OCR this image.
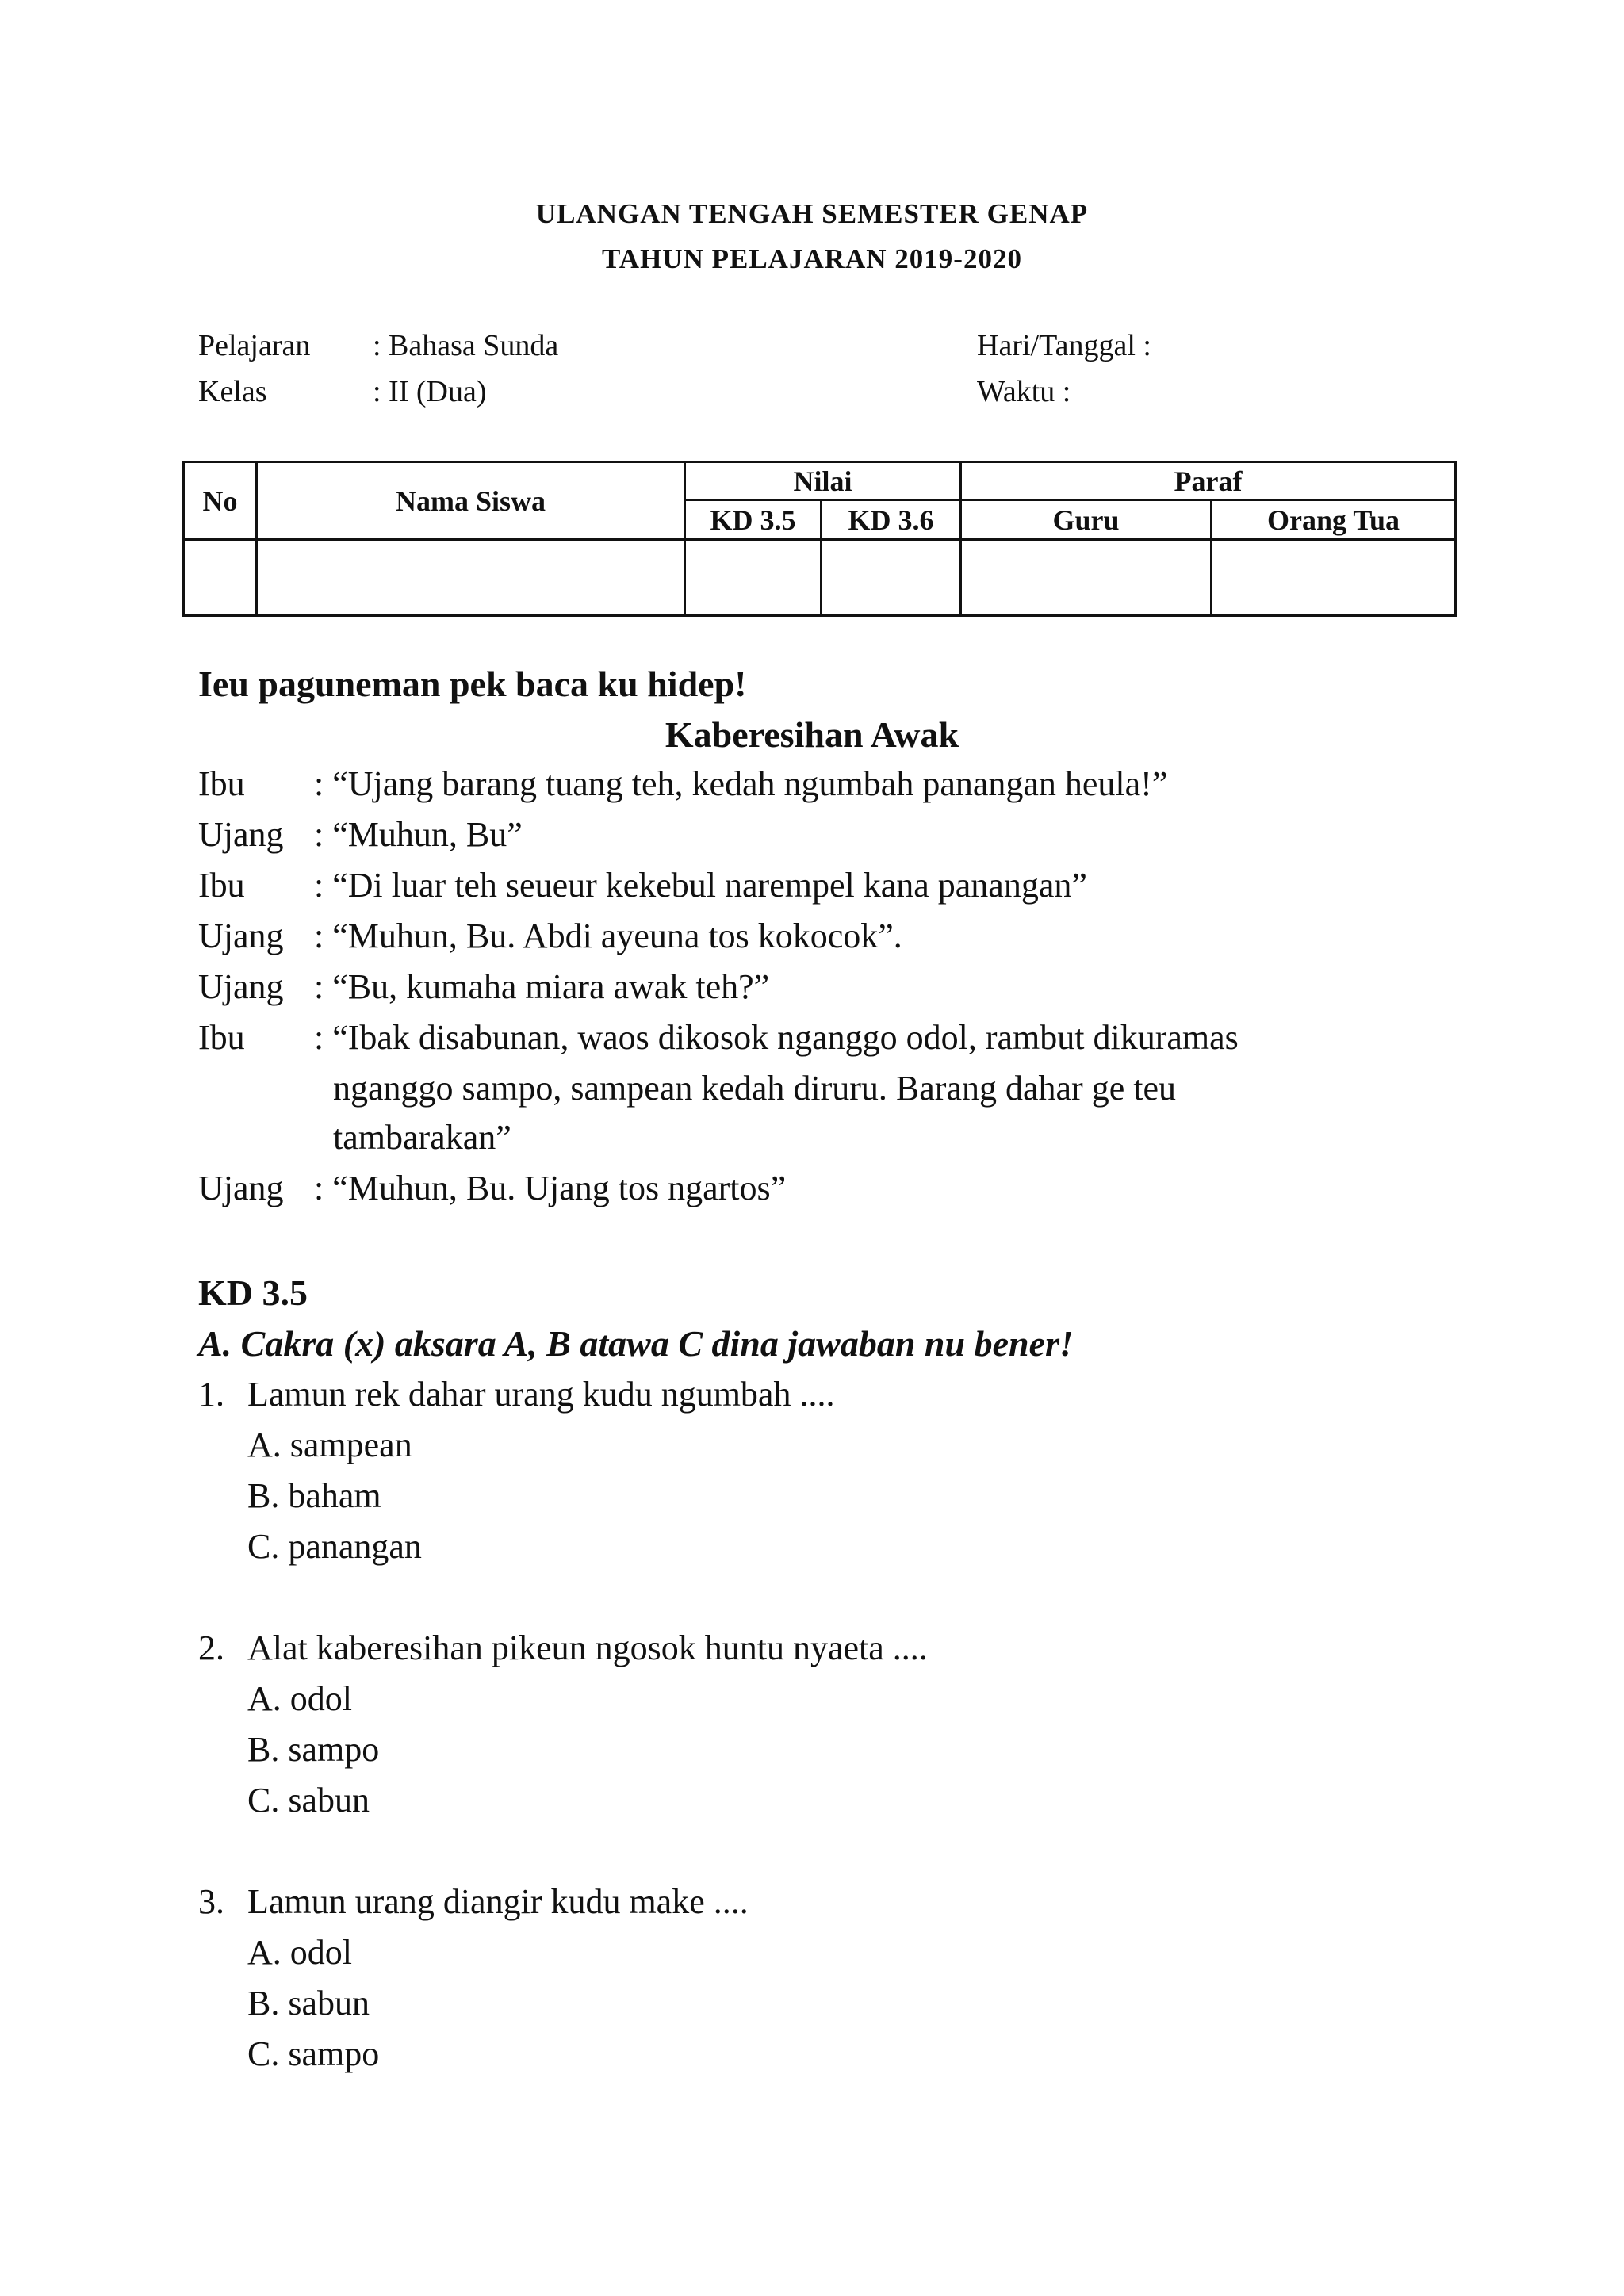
ULANGAN TENGAH SEMESTER GENAP
TAHUN PELAJARAN 2019-2020
Pelajaran : Bahasa Sunda	Hari/Tanggal :
Kelas	: II (Dua)	Waktu :
No	Nama Siswa	Nilai		Paraf	
		KD 3.5	KD 3.6	Guru	Orang Tua

Ieu paguneman pek baca ku hidep!
Kaberesihan Awak
Ibu : “Ujang barang tuang teh, kedah ngumbah panangan heula!”
Ujang : “Muhun, Bu”
Ibu : “Di luar teh seueur kekebul narempel kana panangan”
Ujang : “Muhun, Bu. Abdi ayeuna tos kokocok”.
Ujang : “Bu, kumaha miara awak teh?”
Ibu : “Ibak disabunan, waos dikosok nganggo odol, rambut dikuramas
nganggo sampo, sampean kedah diruru. Barang dahar ge teu
tambarakan”
Ujang : “Muhun, Bu. Ujang tos ngartos”
KD 3.5
A. Cakra (x) aksara A, B atawa C dina jawaban nu bener!
1. Lamun rek dahar urang kudu ngumbah ....
A. sampean
B. baham
C. panangan
2. Alat kaberesihan pikeun ngosok huntu nyaeta ....
A. odol
B. sampo
C. sabun
3. Lamun urang diangir kudu make ....
A. odol
B. sabun
C. sampo
